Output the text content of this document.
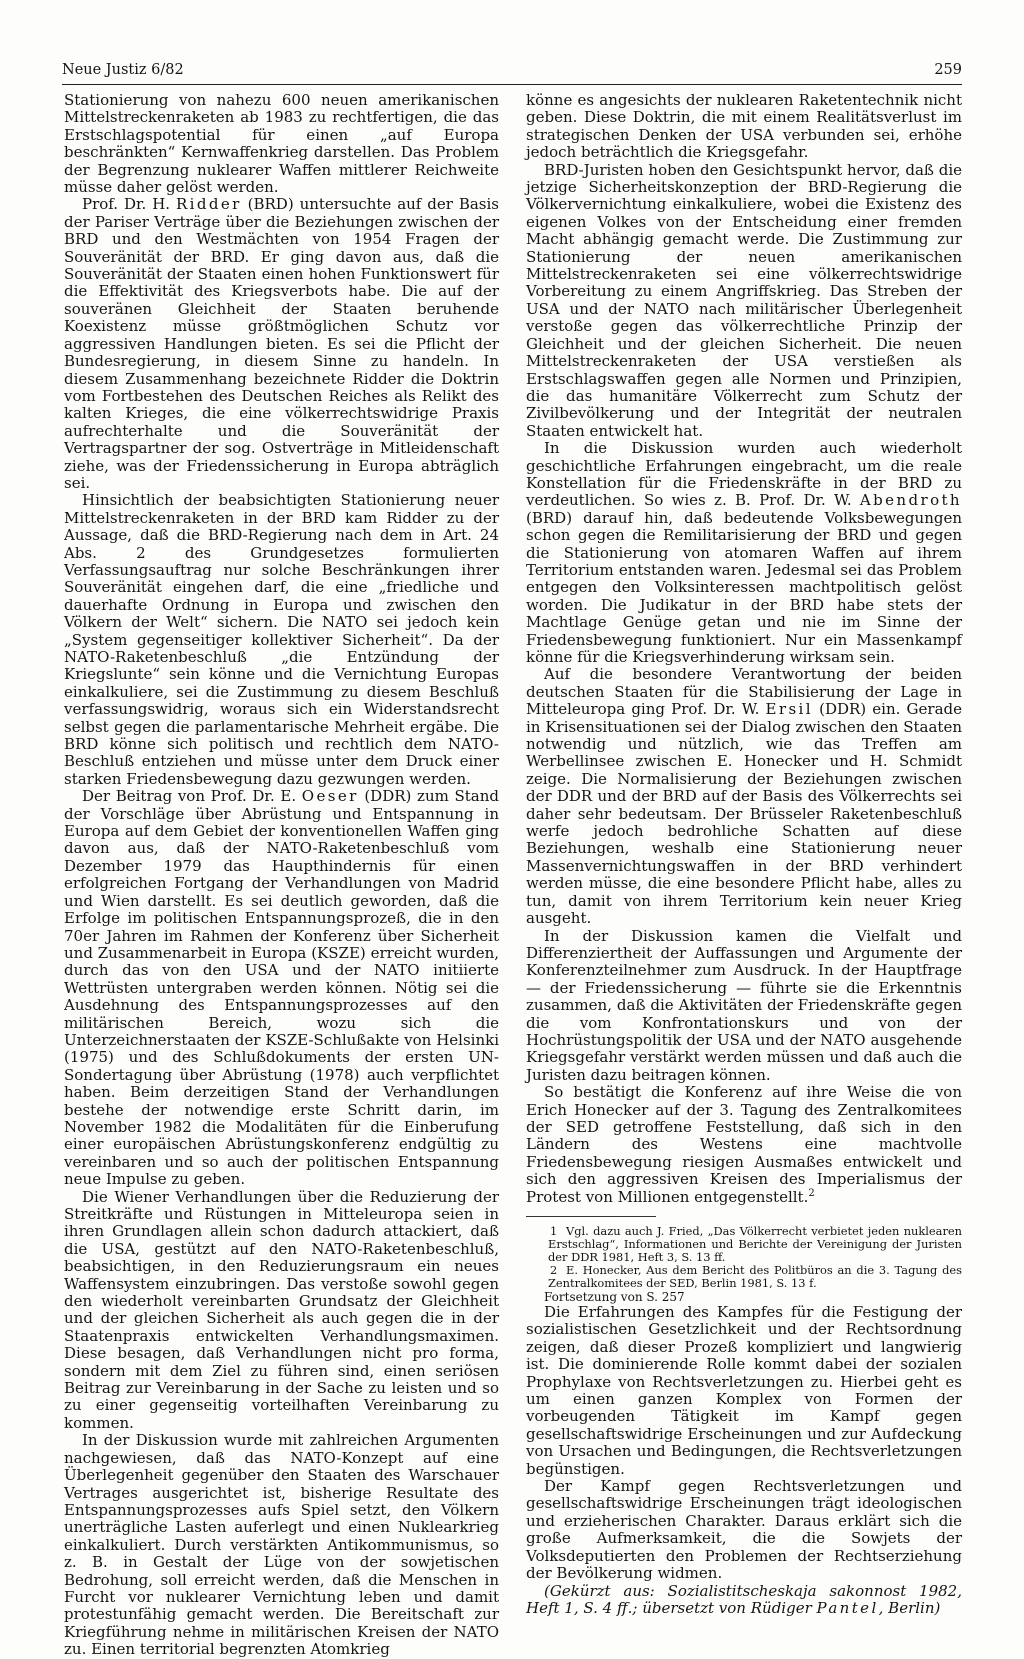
Neue Justiz 6/82	259

Stationierung von nahezu 600 neuen amerikanischen Mittelstreckenraketen ab 1983 zu rechtfertigen, die das Erstschlagspotential für einen „auf Europa beschränkten“ Kernwaffenkrieg darstellen. Das Problem der Begrenzung nuklearer Waffen mittlerer Reichweite müsse daher gelöst werden.

Prof. Dr. H. Ridder (BRD) untersuchte auf der Basis der Pariser Verträge über die Beziehungen zwischen der BRD und den Westmächten von 1954 Fragen der Souveränität der BRD. Er ging davon aus, daß die Souveränität der Staaten einen hohen Funktionswert für die Effektivität des Kriegsverbots habe. Die auf der souveränen Gleichheit der Staaten beruhende Koexistenz müsse größtmöglichen Schutz vor aggressiven Handlungen bieten. Es sei die Pflicht der Bundesregierung, in diesem Sinne zu handeln. In diesem Zusammenhang bezeichnete Ridder die Doktrin vom Fortbestehen des Deutschen Reiches als Relikt des kalten Krieges, die eine völkerrechtswidrige Praxis aufrechterhalte und die Souveränität der Vertragspartner der sog. Ostverträge in Mitleidenschaft ziehe, was der Friedenssicherung in Europa abträglich sei.

Hinsichtlich der beabsichtigten Stationierung neuer Mittelstreckenraketen in der BRD kam Ridder zu der Aussage, daß die BRD-Regierung nach dem in Art. 24 Abs. 2 des Grundgesetzes formulierten Verfassungsauftrag nur solche Beschränkungen ihrer Souveränität eingehen darf, die eine „friedliche und dauerhafte Ordnung in Europa und zwischen den Völkern der Welt“ sichern. Die NATO sei jedoch kein „System gegenseitiger kollektiver Sicherheit“. Da der NATO-Raketenbeschluß „die Entzündung der Kriegslunte“ sein könne und die Vernichtung Europas einkalkuliere, sei die Zustimmung zu diesem Beschluß verfassungswidrig, woraus sich ein Widerstandsrecht selbst gegen die parlamentarische Mehrheit ergäbe. Die BRD könne sich politisch und rechtlich dem NATO-Beschluß entziehen und müsse unter dem Druck einer starken Friedensbewegung dazu gezwungen werden.

Der Beitrag von Prof. Dr. E. Oeser (DDR) zum Stand der Vorschläge über Abrüstung und Entspannung in Europa auf dem Gebiet der konventionellen Waffen ging davon aus, daß der NATO-Raketenbeschluß vom Dezember 1979 das Haupthindernis für einen erfolgreichen Fortgang der Verhandlungen von Madrid und Wien darstellt. Es sei deutlich geworden, daß die Erfolge im politischen Entspannungsprozeß, die in den 70er Jahren im Rahmen der Konferenz über Sicherheit und Zusammenarbeit in Europa (KSZE) erreicht wurden, durch das von den USA und der NATO initiierte Wettrüsten untergraben werden können. Nötig sei die Ausdehnung des Entspannungsprozesses auf den militärischen Bereich, wozu sich die Unterzeichnerstaaten der KSZE-Schlußakte von Helsinki (1975) und des Schlußdokuments der ersten UN-Sondertagung über Abrüstung (1978) auch verpflichtet haben. Beim derzeitigen Stand der Verhandlungen bestehe der notwendige erste Schritt darin, im November 1982 die Modalitäten für die Einberufung einer europäischen Abrüstungskonferenz endgültig zu vereinbaren und so auch der politischen Entspannung neue Impulse zu geben.

Die Wiener Verhandlungen über die Reduzierung der Streitkräfte und Rüstungen in Mitteleuropa seien in ihren Grundlagen allein schon dadurch attackiert, daß die USA, gestützt auf den NATO-Raketenbeschluß, beabsichtigen, in den Reduzierungsraum ein neues Waffensystem einzubringen. Das verstoße sowohl gegen den wiederholt vereinbarten Grundsatz der Gleichheit und der gleichen Sicherheit als auch gegen die in der Staatenpraxis entwickelten Verhandlungsmaximen. Diese besagen, daß Verhandlungen nicht pro forma, sondern mit dem Ziel zu führen sind, einen seriösen Beitrag zur Vereinbarung in der Sache zu leisten und so zu einer gegenseitig vorteilhaften Vereinbarung zu kommen.

In der Diskussion wurde mit zahlreichen Argumenten nachgewiesen, daß das NATO-Konzept auf eine Überlegenheit gegenüber den Staaten des Warschauer Vertrages ausgerichtet ist, bisherige Resultate des Entspannungsprozesses aufs Spiel setzt, den Völkern unerträgliche Lasten auferlegt und einen Nuklearkrieg einkalkuliert. Durch verstärkten Antikommunismus, so z. B. in Gestalt der Lüge von der sowjetischen Bedrohung, soll erreicht werden, daß die Menschen in Furcht vor nuklearer Vernichtung leben und damit protestunfähig gemacht werden. Die Bereitschaft zur Kriegführung nehme in militärischen Kreisen der NATO zu. Einen territorial begrenzten Atomkrieg

könne es angesichts der nuklearen Raketentechnik nicht geben. Diese Doktrin, die mit einem Realitätsverlust im strategischen Denken der USA verbunden sei, erhöhe jedoch beträchtlich die Kriegsgefahr.

BRD-Juristen hoben den Gesichtspunkt hervor, daß die jetzige Sicherheitskonzeption der BRD-Regierung die Völkervernichtung einkalkuliere, wobei die Existenz des eigenen Volkes von der Entscheidung einer fremden Macht abhängig gemacht werde. Die Zustimmung zur Stationierung der neuen amerikanischen Mittelstreckenraketen sei eine völkerrechtswidrige Vorbereitung zu einem Angriffskrieg. Das Streben der USA und der NATO nach militärischer Überlegenheit verstoße gegen das völkerrechtliche Prinzip der Gleichheit und der gleichen Sicherheit. Die neuen Mittelstreckenraketen der USA verstießen als Erstschlagswaffen gegen alle Normen und Prinzipien, die das humanitäre Völkerrecht zum Schutz der Zivilbevölkerung und der Integrität der neutralen Staaten entwickelt hat.

In die Diskussion wurden auch wiederholt geschichtliche Erfahrungen eingebracht, um die reale Konstellation für die Friedenskräfte in der BRD zu verdeutlichen. So wies z. B. Prof. Dr. W. Abendroth (BRD) darauf hin, daß bedeutende Volksbewegungen schon gegen die Remilitarisierung der BRD und gegen die Stationierung von atomaren Waffen auf ihrem Territorium entstanden waren. Jedesmal sei das Problem entgegen den Volksinteressen machtpolitisch gelöst worden. Die Judikatur in der BRD habe stets der Machtlage Genüge getan und nie im Sinne der Friedensbewegung funktioniert. Nur ein Massenkampf könne für die Kriegsverhinderung wirksam sein.

Auf die besondere Verantwortung der beiden deutschen Staaten für die Stabilisierung der Lage in Mitteleuropa ging Prof. Dr. W. Ersil (DDR) ein. Gerade in Krisensituationen sei der Dialog zwischen den Staaten notwendig und nützlich, wie das Treffen am Werbellinsee zwischen E. Honecker und H. Schmidt zeige. Die Normalisierung der Beziehungen zwischen der DDR und der BRD auf der Basis des Völkerrechts sei daher sehr bedeutsam. Der Brüsseler Raketenbeschluß werfe jedoch bedrohliche Schatten auf diese Beziehungen, weshalb eine Stationierung neuer Massenvernichtungswaffen in der BRD verhindert werden müsse, die eine besondere Pflicht habe, alles zu tun, damit von ihrem Territorium kein neuer Krieg ausgeht.

In der Diskussion kamen die Vielfalt und Differenziertheit der Auffassungen und Argumente der Konferenzteilnehmer zum Ausdruck. In der Hauptfrage — der Friedenssicherung — führte sie die Erkenntnis zusammen, daß die Aktivitäten der Friedenskräfte gegen die vom Konfrontationskurs und von der Hochrüstungspolitik der USA und der NATO ausgehende Kriegsgefahr verstärkt werden müssen und daß auch die Juristen dazu beitragen können.

So bestätigt die Konferenz auf ihre Weise die von Erich Honecker auf der 3. Tagung des Zentralkomitees der SED getroffene Feststellung, daß sich in den Ländern des Westens eine machtvolle Friedensbewegung riesigen Ausmaßes entwickelt und sich den aggressiven Kreisen des Imperialismus der Protest von Millionen entgegenstellt.$^2$

1 Vgl. dazu auch J. Fried, „Das Völkerrecht verbietet jeden nuklearen Erstschlag“, Informationen und Berichte der Vereinigung der Juristen der DDR 1981, Heft 3, S. 13 ff.

2 E. Honecker, Aus dem Bericht des Politbüros an die 3. Tagung des Zentralkomitees der SED, Berlin 1981, S. 13 f.

Fortsetzung von S. 257

Die Erfahrungen des Kampfes für die Festigung der sozialistischen Gesetzlichkeit und der Rechtsordnung zeigen, daß dieser Prozeß kompliziert und langwierig ist. Die dominierende Rolle kommt dabei der sozialen Prophylaxe von Rechtsverletzungen zu. Hierbei geht es um einen ganzen Komplex von Formen der vorbeugenden Tätigkeit im Kampf gegen gesellschaftswidrige Erscheinungen und zur Aufdeckung von Ursachen und Bedingungen, die Rechtsverletzungen begünstigen.

Der Kampf gegen Rechtsverletzungen und gesellschaftswidrige Erscheinungen trägt ideologischen und erzieherischen Charakter. Daraus erklärt sich die große Aufmerksamkeit, die die Sowjets der Volksdeputierten den Problemen der Rechtserziehung der Bevölkerung widmen.

(Gekürzt aus: Sozialistitscheskaja sakonnost 1982, Heft 1, S. 4 ff.; übersetzt von Rüdiger Pantel, Berlin)
